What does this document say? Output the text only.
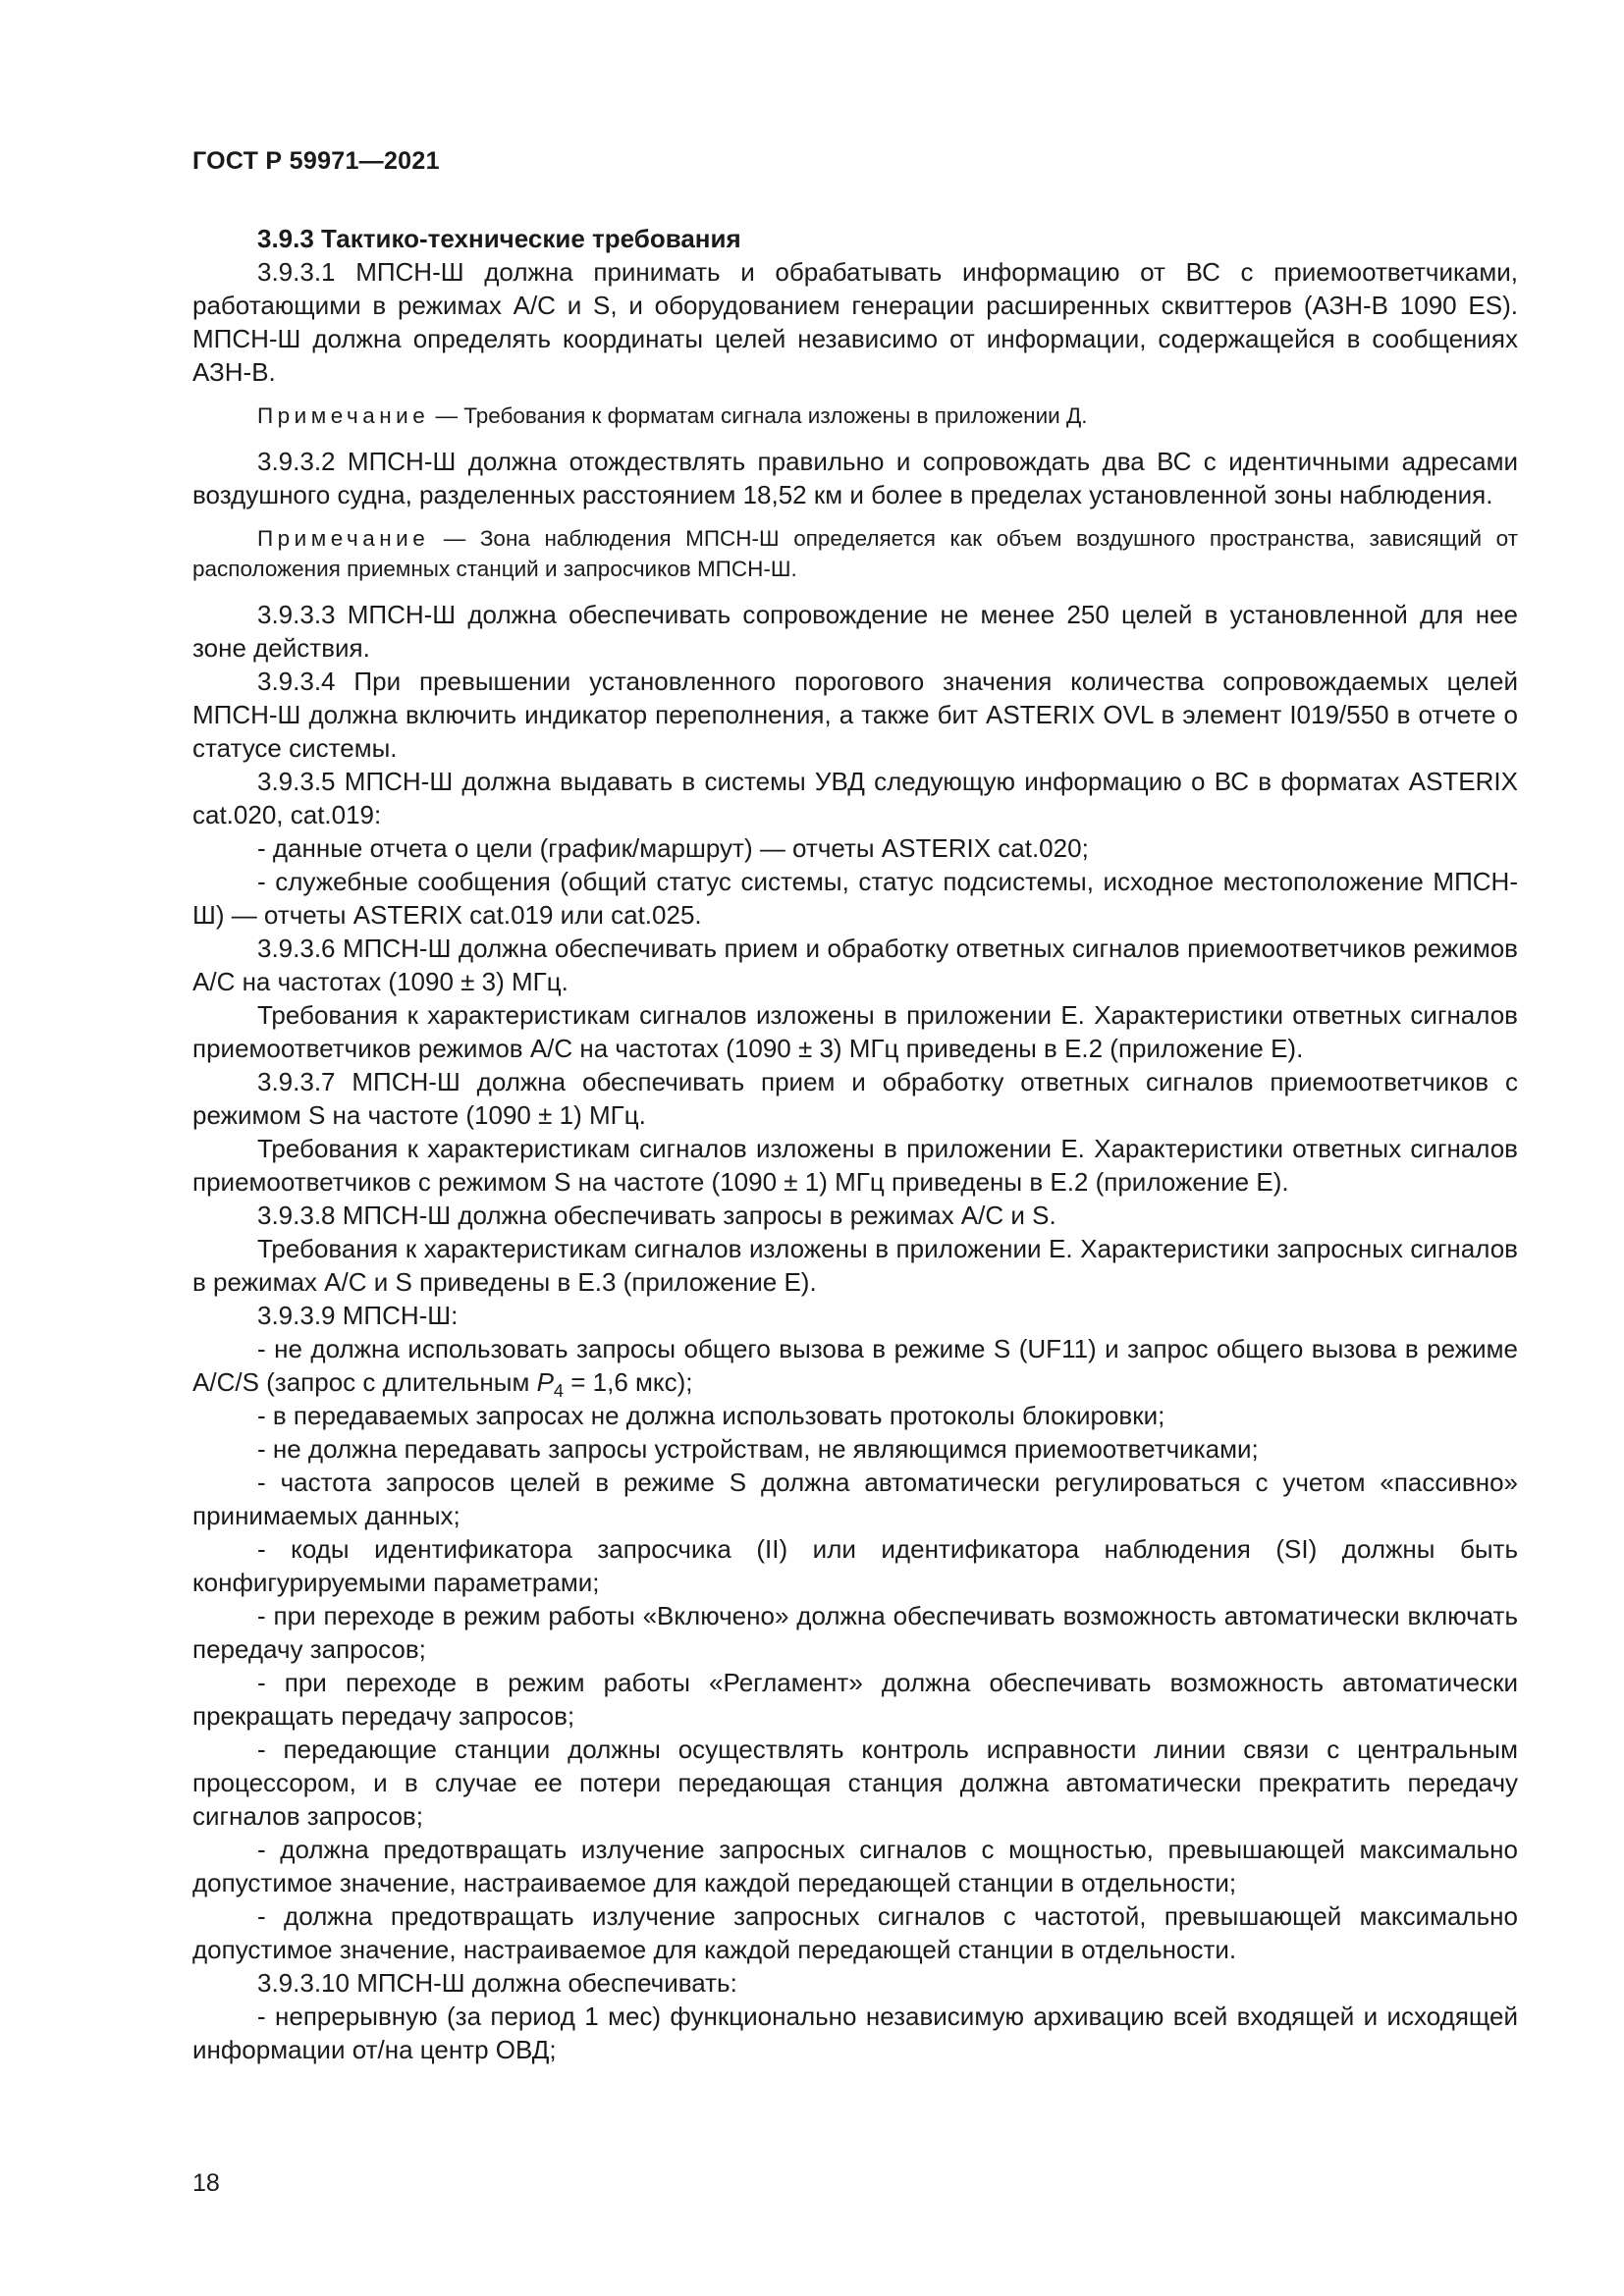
ГОСТ Р 59971—2021

3.9.3 Тактико-технические требования

3.9.3.1 МПСН-Ш должна принимать и обрабатывать информацию от ВС с приемоответчиками, работающими в режимах А/С и S, и оборудованием генерации расширенных сквиттеров (АЗН-В 1090 ES). МПСН-Ш должна определять координаты целей независимо от информации, содержащейся в сообщениях АЗН-В.

Примечание — Требования к форматам сигнала изложены в приложении Д.

3.9.3.2 МПСН-Ш должна отождествлять правильно и сопровождать два ВС с идентичными адресами воздушного судна, разделенных расстоянием 18,52 км и более в пределах установленной зоны наблюдения.

Примечание — Зона наблюдения МПСН-Ш определяется как объем воздушного пространства, зависящий от расположения приемных станций и запросчиков МПСН-Ш.

3.9.3.3 МПСН-Ш должна обеспечивать сопровождение не менее 250 целей в установленной для нее зоне действия.

3.9.3.4 При превышении установленного порогового значения количества сопровождаемых целей МПСН-Ш должна включить индикатор переполнения, а также бит ASTERIX OVL в элемент I019/550 в отчете о статусе системы.

3.9.3.5 МПСН-Ш должна выдавать в системы УВД следующую информацию о ВС в форматах ASTERIX cat.020, cat.019:

- данные отчета о цели (график/маршрут) — отчеты ASTERIX cat.020;

- служебные сообщения (общий статус системы, статус подсистемы, исходное местоположение МПСН-Ш) — отчеты ASTERIX cat.019 или cat.025.

3.9.3.6 МПСН-Ш должна обеспечивать прием и обработку ответных сигналов приемоответчиков режимов А/С на частотах (1090 ± 3) МГц.

Требования к характеристикам сигналов изложены в приложении Е. Характеристики ответных сигналов приемоответчиков режимов А/С на частотах (1090 ± 3) МГц приведены в Е.2 (приложение Е).

3.9.3.7 МПСН-Ш должна обеспечивать прием и обработку ответных сигналов приемоответчиков с режимом S на частоте (1090 ± 1) МГц.

Требования к характеристикам сигналов изложены в приложении Е. Характеристики ответных сигналов приемоответчиков с режимом S на частоте (1090 ± 1) МГц приведены в Е.2 (приложение Е).

3.9.3.8 МПСН-Ш должна обеспечивать запросы в режимах А/С и S.

Требования к характеристикам сигналов изложены в приложении Е. Характеристики запросных сигналов в режимах А/С и S приведены в Е.3 (приложение Е).

3.9.3.9 МПСН-Ш:

- не должна использовать запросы общего вызова в режиме S (UF11) и запрос общего вызова в режиме А/С/S (запрос с длительным $P_4 = 1,6$ мкс);

- в передаваемых запросах не должна использовать протоколы блокировки;

- не должна передавать запросы устройствам, не являющимся приемоответчиками;

- частота запросов целей в режиме S должна автоматически регулироваться с учетом «пассивно» принимаемых данных;

- коды идентификатора запросчика (II) или идентификатора наблюдения (SI) должны быть конфигурируемыми параметрами;

- при переходе в режим работы «Включено» должна обеспечивать возможность автоматически включать передачу запросов;

- при переходе в режим работы «Регламент» должна обеспечивать возможность автоматически прекращать передачу запросов;

- передающие станции должны осуществлять контроль исправности линии связи с центральным процессором, и в случае ее потери передающая станция должна автоматически прекратить передачу сигналов запросов;

- должна предотвращать излучение запросных сигналов с мощностью, превышающей максимально допустимое значение, настраиваемое для каждой передающей станции в отдельности;

- должна предотвращать излучение запросных сигналов с частотой, превышающей максимально допустимое значение, настраиваемое для каждой передающей станции в отдельности.

3.9.3.10 МПСН-Ш должна обеспечивать:

- непрерывную (за период 1 мес) функционально независимую архивацию всей входящей и исходящей информации от/на центр ОВД;

18
